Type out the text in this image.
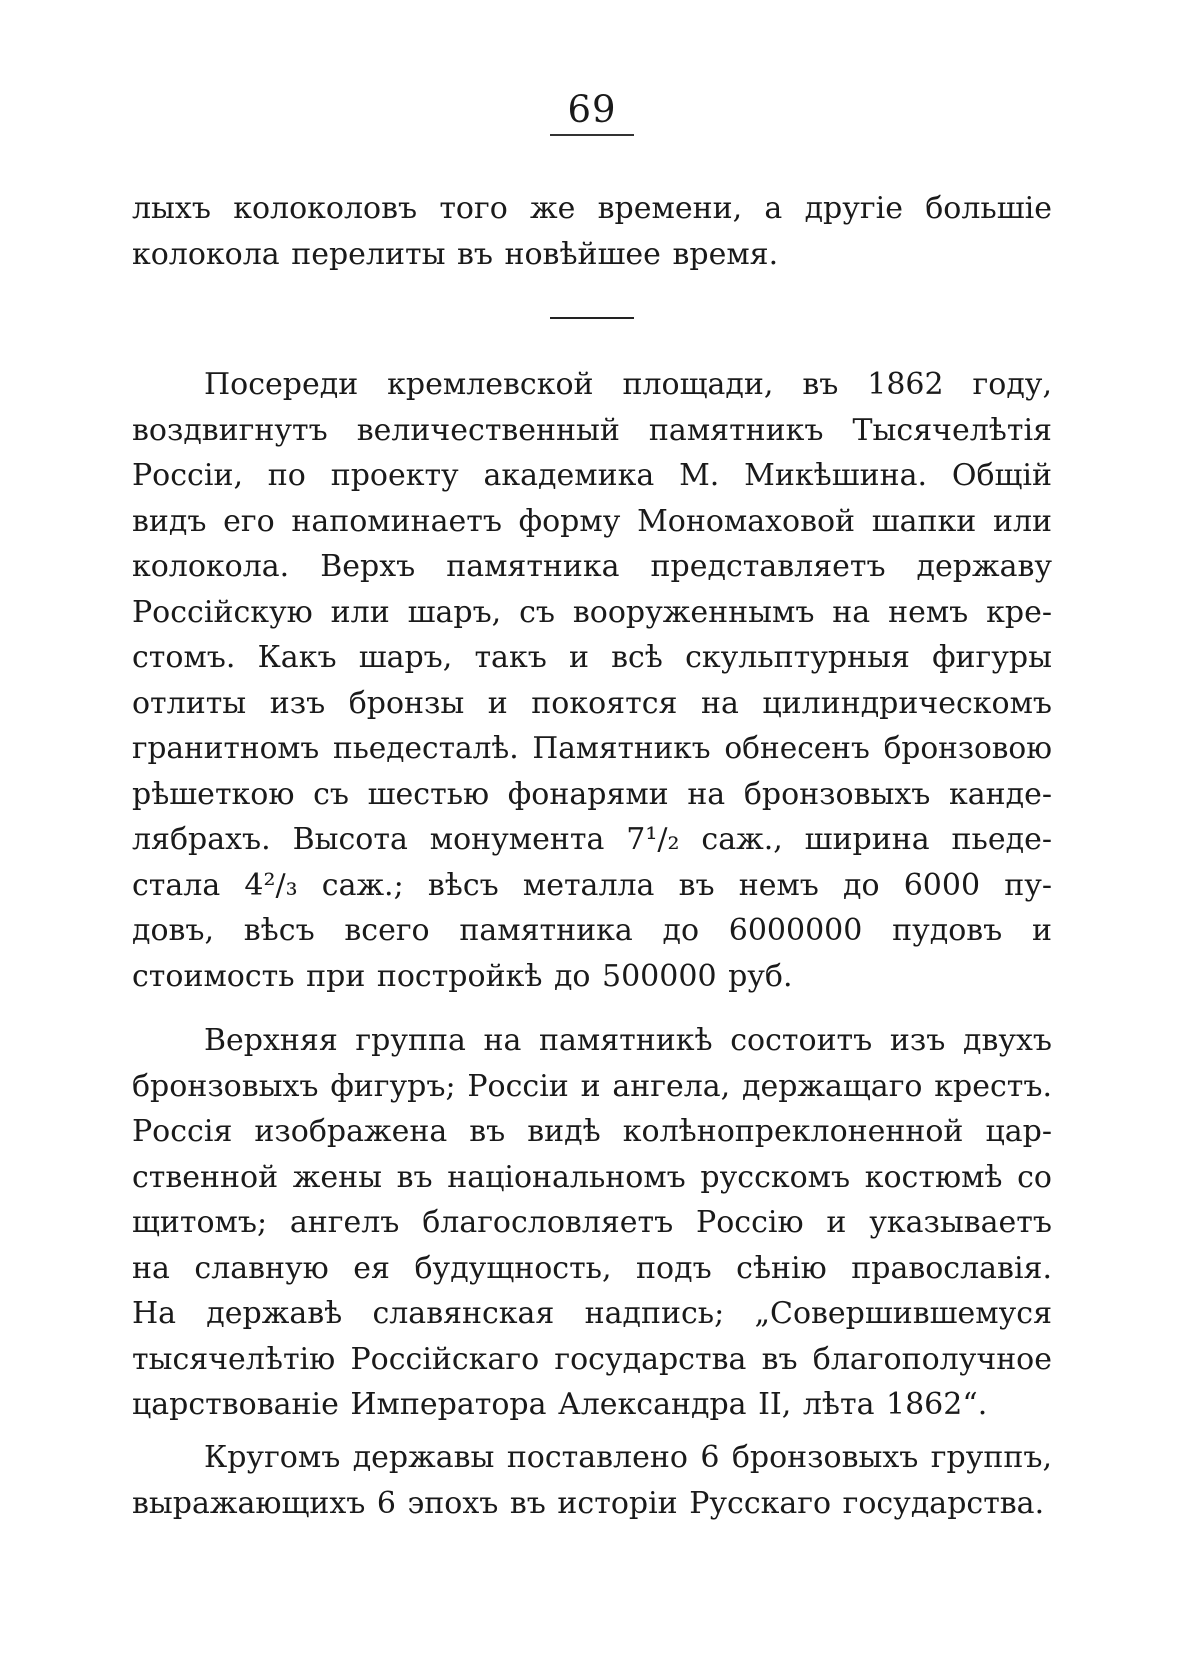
69
лыхъ колоколовъ того же времени, а другіе большіе
колокола перелиты въ новѣйшее время.
Посереди кремлевской площади, въ 1862 году,
воздвигнутъ величественный памятникъ Тысячелѣтія
Россіи, по проекту академика М. Микѣшина. Общій
видъ его напоминаетъ форму Мономаховой шапки или
колокола. Верхъ памятника представляетъ державу
Россійскую или шаръ, съ вооруженнымъ на немъ кре-
стомъ. Какъ шаръ, такъ и всѣ скульптурныя фигуры
отлиты изъ бронзы и покоятся на цилиндрическомъ
гранитномъ пьедесталѣ. Памятникъ обнесенъ бронзовою
рѣшеткою съ шестью фонарями на бронзовыхъ канде-
лябрахъ. Высота монумента 7¹/₂ саж., ширина пьеде-
стала 4²/₃ саж.; вѣсъ металла въ немъ до 6000 пу-
довъ, вѣсъ всего памятника до 6000000 пудовъ и
стоимость при постройкѣ до 500000 руб.
Верхняя группа на памятникѣ состоитъ изъ двухъ
бронзовыхъ фигуръ; Россіи и ангела, держащаго крестъ.
Россія изображена въ видѣ колѣнопреклоненной цар-
ственной жены въ національномъ русскомъ костюмѣ со
щитомъ; ангелъ благословляетъ Россію и указываетъ
на славную ея будущность, подъ сѣнію православія.
На державѣ славянская надпись; „Совершившемуся
тысячелѣтію Россійскаго государства въ благополучное
царствованіе Императора Александра II, лѣта 1862“.
Кругомъ державы поставлено 6 бронзовыхъ группъ,
выражающихъ 6 эпохъ въ исторіи Русскаго государства.
